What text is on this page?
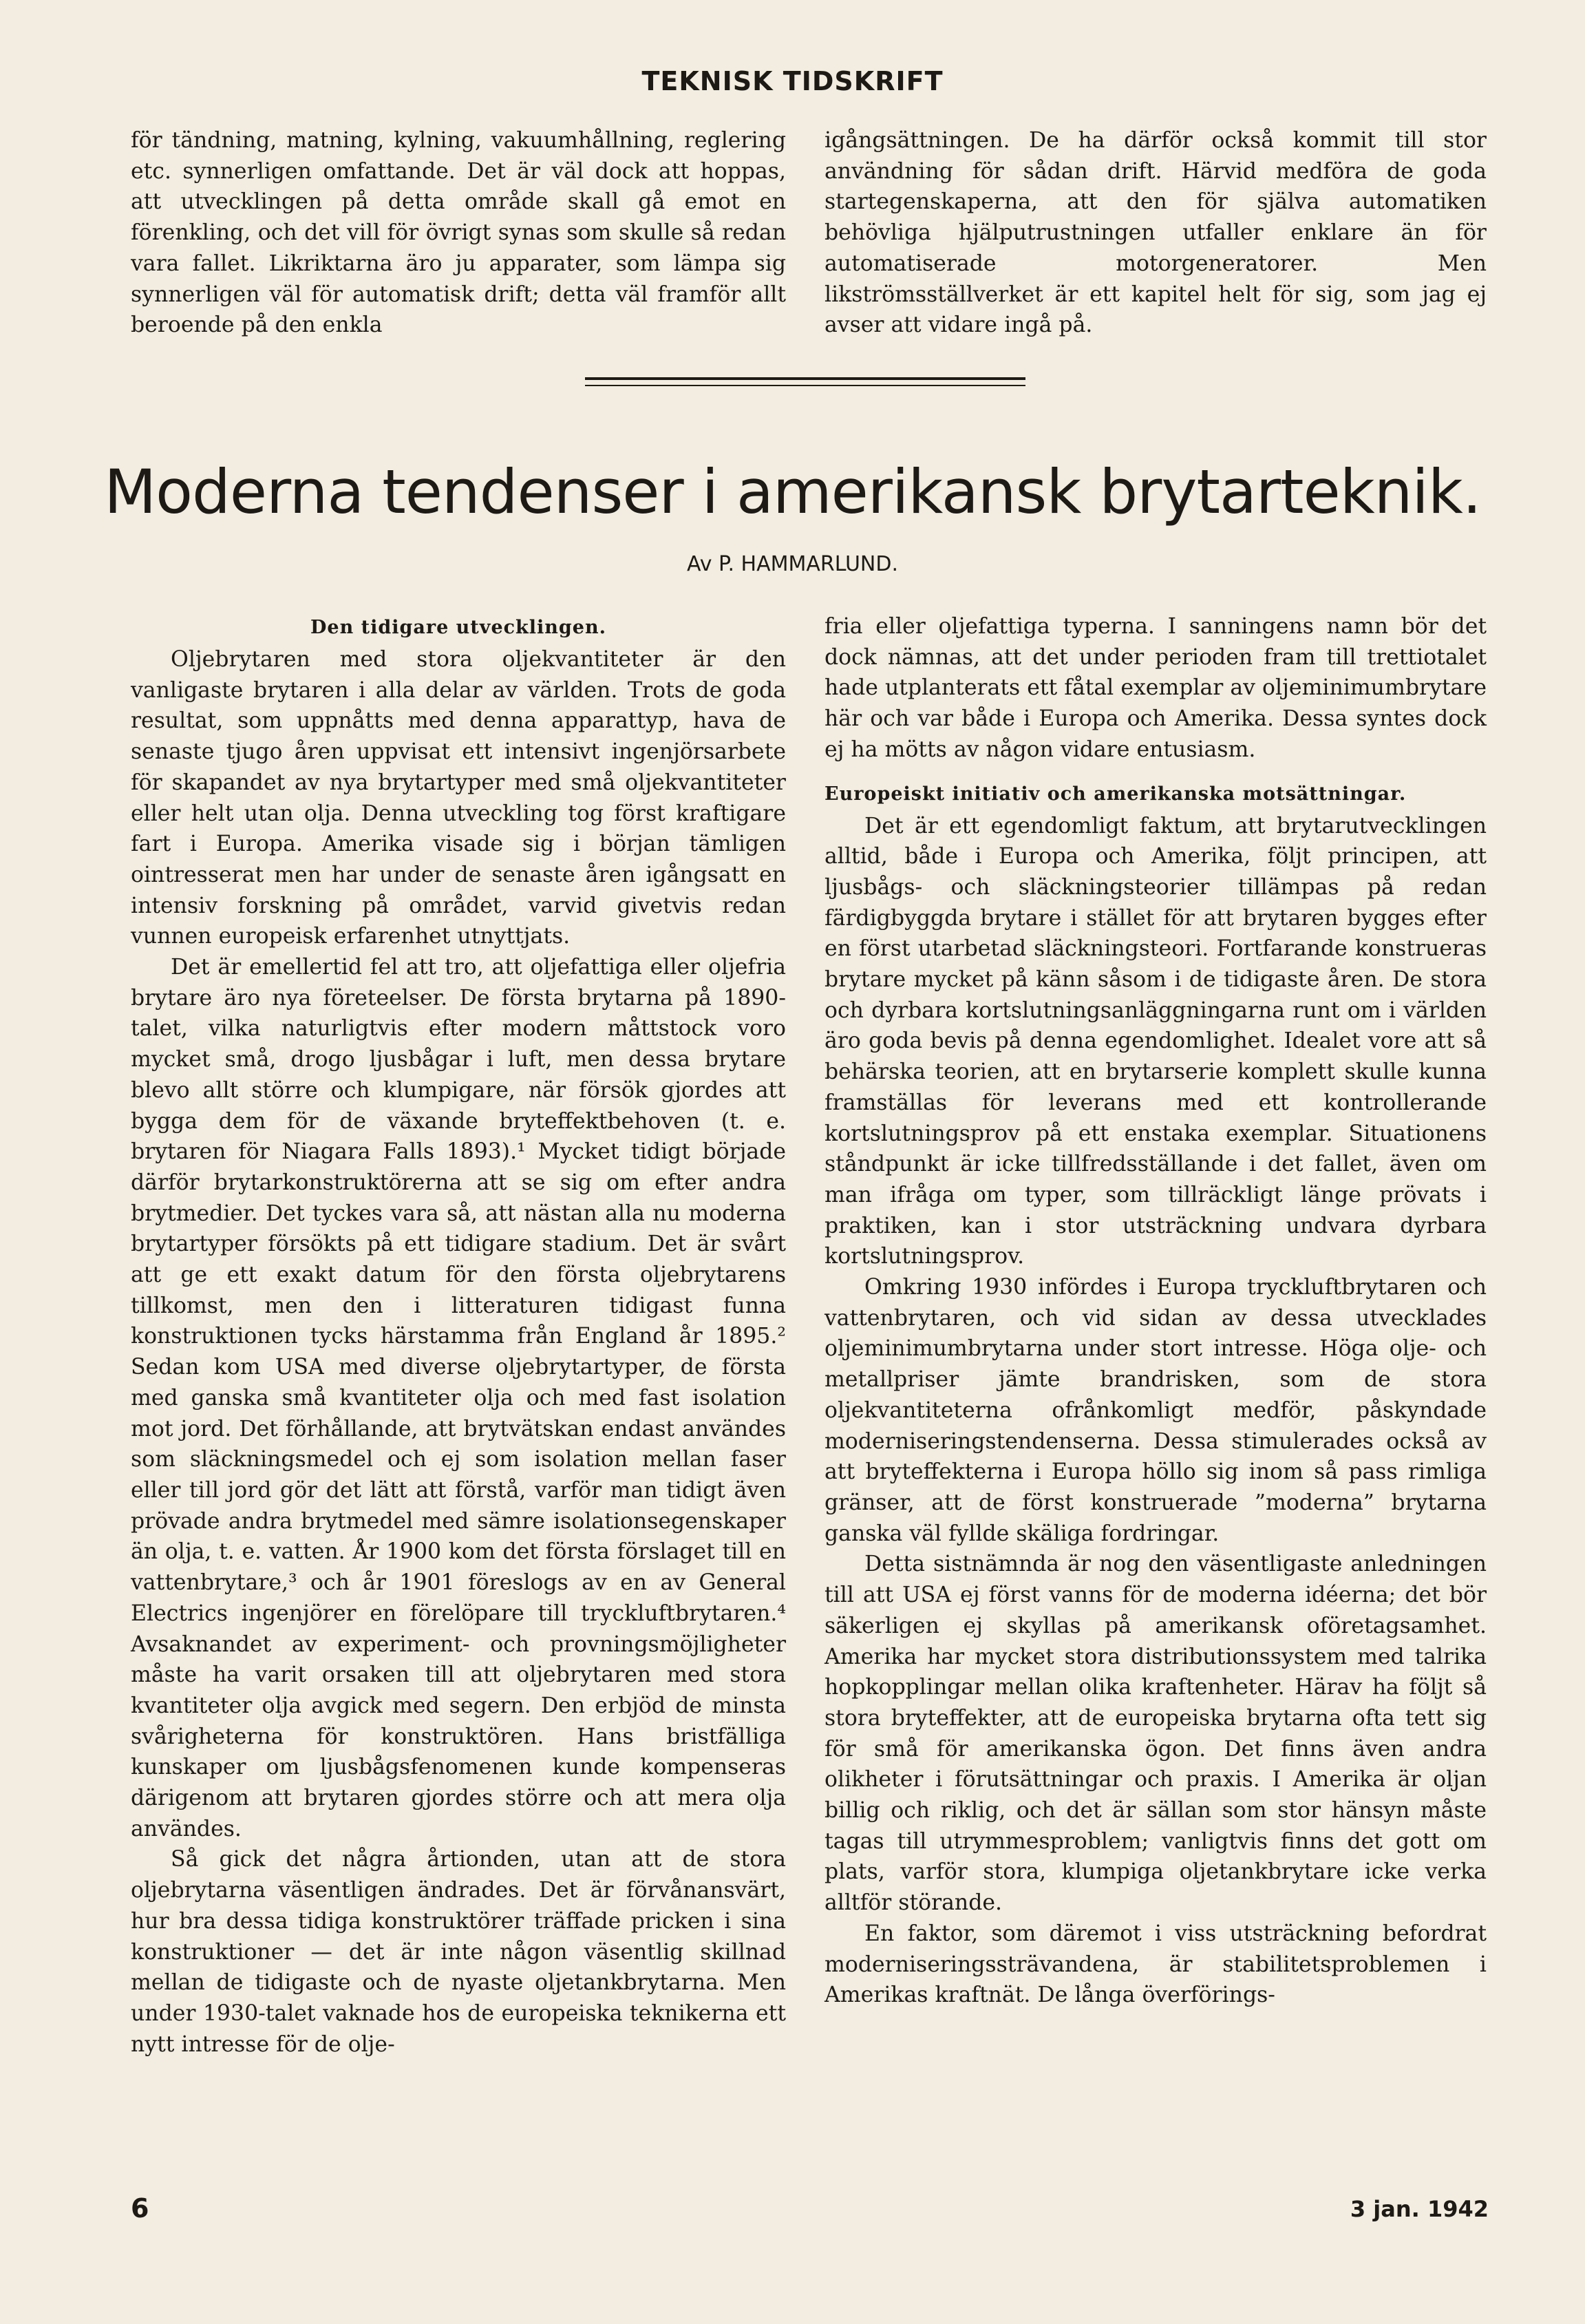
TEKNISK TIDSKRIFT

för tändning, matning, kylning, vakuumhållning, reglering etc. synnerligen omfattande. Det är väl dock att hoppas, att utvecklingen på detta område skall gå emot en förenkling, och det vill för övrigt synas som skulle så redan vara fallet. Likriktarna äro ju apparater, som lämpa sig synnerligen väl för automatisk drift; detta väl framför allt beroende på den enkla

igångsättningen. De ha därför också kommit till stor användning för sådan drift. Härvid medföra de goda startegenskaperna, att den för själva automatiken behövliga hjälputrustningen utfaller enklare än för automatiserade motorgeneratorer. Men likströmsställverket är ett kapitel helt för sig, som jag ej avser att vidare ingå på.

Moderna tendenser i amerikansk brytarteknik.
Av P. HAMMARLUND.
Den tidigare utvecklingen.

Oljebrytaren med stora oljekvantiteter är den vanligaste brytaren i alla delar av världen. Trots de goda resultat, som uppnåtts med denna apparattyp, hava de senaste tjugo åren uppvisat ett intensivt ingenjörsarbete för skapandet av nya brytartyper med små oljekvantiteter eller helt utan olja. Denna utveckling tog först kraftigare fart i Europa. Amerika visade sig i början tämligen ointresserat men har under de senaste åren igångsatt en intensiv forskning på området, varvid givetvis redan vunnen europeisk erfarenhet utnyttjats.

Det är emellertid fel att tro, att oljefattiga eller oljefria brytare äro nya företeelser. De första brytarna på 1890-talet, vilka naturligtvis efter modern måttstock voro mycket små, drogo ljusbågar i luft, men dessa brytare blevo allt större och klumpigare, när försök gjordes att bygga dem för de växande bryteffektbehoven (t. e. brytaren för Niagara Falls 1893).¹ Mycket tidigt började därför brytarkonstruktörerna att se sig om efter andra brytmedier. Det tyckes vara så, att nästan alla nu moderna brytartyper försökts på ett tidigare stadium. Det är svårt att ge ett exakt datum för den första oljebrytarens tillkomst, men den i litteraturen tidigast funna konstruktionen tycks härstamma från England år 1895.² Sedan kom USA med diverse oljebrytartyper, de första med ganska små kvantiteter olja och med fast isolation mot jord. Det förhållande, att brytvätskan endast användes som släckningsmedel och ej som isolation mellan faser eller till jord gör det lätt att förstå, varför man tidigt även prövade andra brytmedel med sämre isolationsegenskaper än olja, t. e. vatten. År 1900 kom det första förslaget till en vattenbrytare,³ och år 1901 föreslogs av en av General Electrics ingenjörer en förelöpare till tryckluftbrytaren.⁴ Avsaknandet av experiment- och provningsmöjligheter måste ha varit orsaken till att oljebrytaren med stora kvantiteter olja avgick med segern. Den erbjöd de minsta svårigheterna för konstruktören. Hans bristfälliga kunskaper om ljusbågsfenomenen kunde kompenseras därigenom att brytaren gjordes större och att mera olja användes.

Så gick det några årtionden, utan att de stora oljebrytarna väsentligen ändrades. Det är förvånansvärt, hur bra dessa tidiga konstruktörer träffade pricken i sina konstruktioner — det är inte någon väsentlig skillnad mellan de tidigaste och de nyaste oljetankbrytarna. Men under 1930-talet vaknade hos de europeiska teknikerna ett nytt intresse för de olje-

fria eller oljefattiga typerna. I sanningens namn bör det dock nämnas, att det under perioden fram till trettiotalet hade utplanterats ett fåtal exemplar av oljeminimumbrytare här och var både i Europa och Amerika. Dessa syntes dock ej ha mötts av någon vidare entusiasm.

Europeiskt initiativ och amerikanska motsättningar.

Det är ett egendomligt faktum, att brytarutvecklingen alltid, både i Europa och Amerika, följt principen, att ljusbågs- och släckningsteorier tillämpas på redan färdigbyggda brytare i stället för att brytaren bygges efter en först utarbetad släckningsteori. Fortfarande konstrueras brytare mycket på känn såsom i de tidigaste åren. De stora och dyrbara kortslutningsanläggningarna runt om i världen äro goda bevis på denna egendomlighet. Idealet vore att så behärska teorien, att en brytarserie komplett skulle kunna framställas för leverans med ett kontrollerande kortslutningsprov på ett enstaka exemplar. Situationens ståndpunkt är icke tillfredsställande i det fallet, även om man ifråga om typer, som tillräckligt länge prövats i praktiken, kan i stor utsträckning undvara dyrbara kortslutningsprov.

Omkring 1930 infördes i Europa tryckluftbrytaren och vattenbrytaren, och vid sidan av dessa utvecklades oljeminimumbrytarna under stort intresse. Höga olje- och metallpriser jämte brandrisken, som de stora oljekvantiteterna ofrånkomligt medför, påskyndade moderniseringstendenserna. Dessa stimulerades också av att bryteffekterna i Europa höllo sig inom så pass rimliga gränser, att de först konstruerade ”moderna” brytarna ganska väl fyllde skäliga fordringar.

Detta sistnämnda är nog den väsentligaste anledningen till att USA ej först vanns för de moderna idéerna; det bör säkerligen ej skyllas på amerikansk oföretagsamhet. Amerika har mycket stora distributionssystem med talrika hopkopplingar mellan olika kraftenheter. Härav ha följt så stora bryteffekter, att de europeiska brytarna ofta tett sig för små för amerikanska ögon. Det finns även andra olikheter i förutsättningar och praxis. I Amerika är oljan billig och riklig, och det är sällan som stor hänsyn måste tagas till utrymmesproblem; vanligtvis finns det gott om plats, varför stora, klumpiga oljetankbrytare icke verka alltför störande.

En faktor, som däremot i viss utsträckning befordrat moderniseringssträvandena, är stabilitetsproblemen i Amerikas kraftnät. De långa överförings-

6	3 jan. 1942
